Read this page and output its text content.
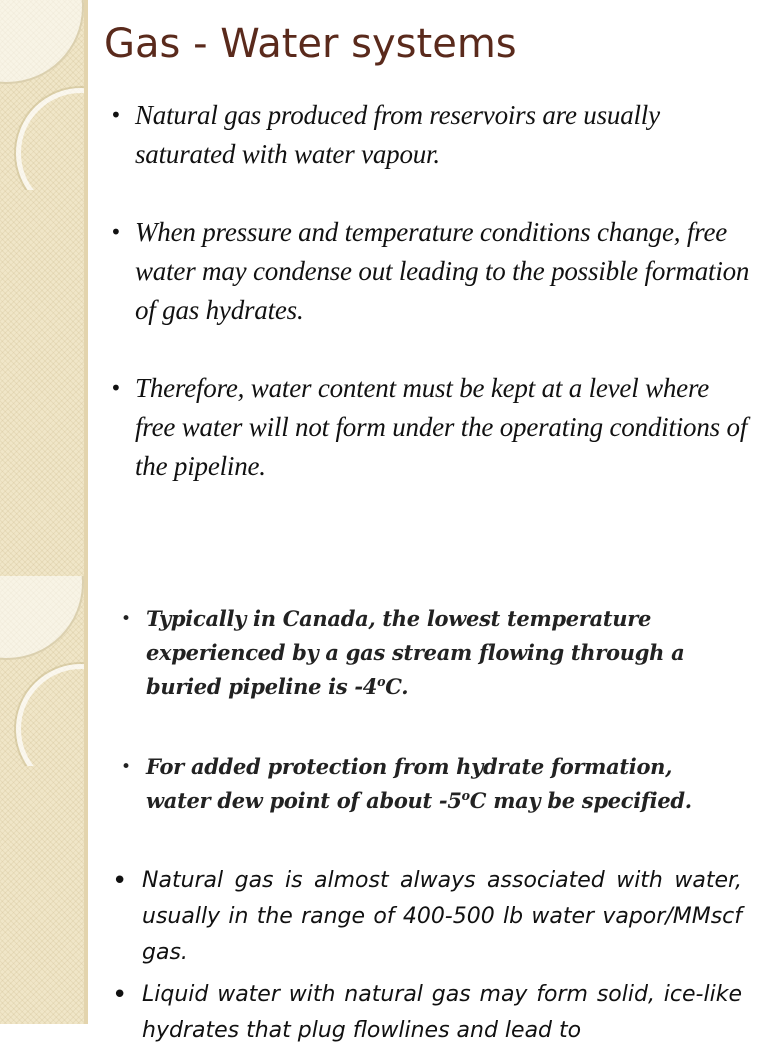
Gas - Water systems
• Natural gas produced from reservoirs are usually saturated with water vapour.
• When pressure and temperature conditions change, free water may condense out leading to the possible formation of gas hydrates.
• Therefore, water content must be kept at a level where free water will not form under the operating conditions of the pipeline.
• Typically in Canada, the lowest temperature experienced by a gas stream flowing through a buried pipeline is -4$^o$C.
• For added protection from hydrate formation, water dew point of about -5$^o$C may be specified.
• Natural gas is almost always associated with water, usually in the range of 400-500 lb water vapor/MMscf gas.
• Liquid water with natural gas may form solid, ice-like hydrates that plug flowlines and lead to
